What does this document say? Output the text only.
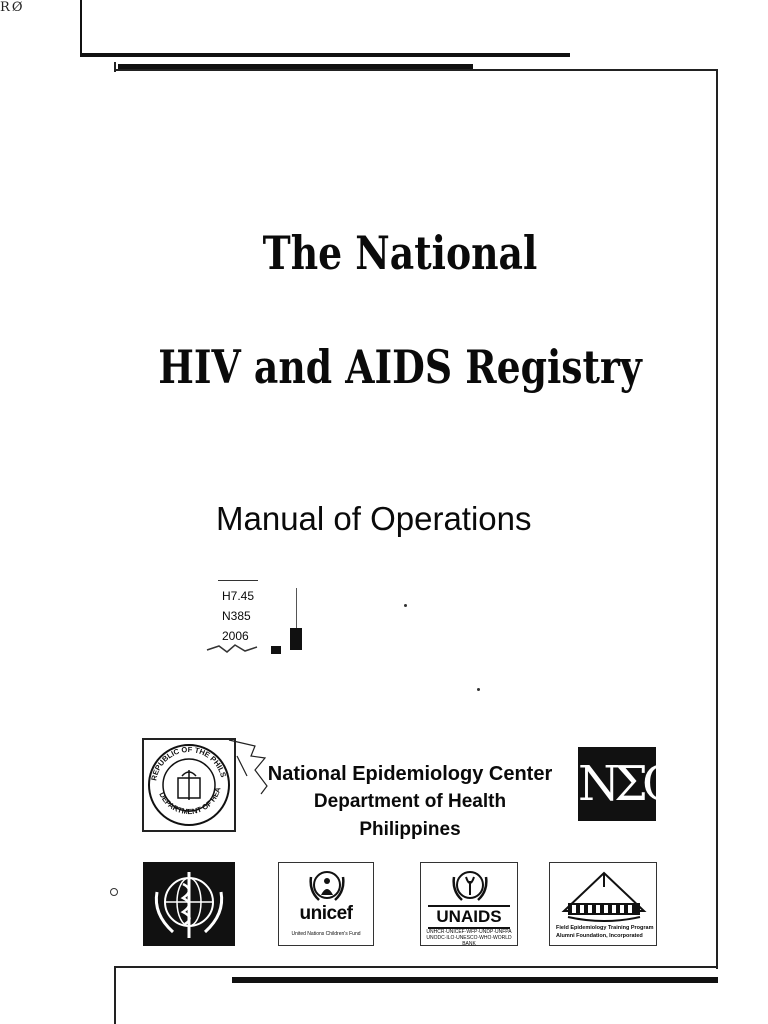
R Ø
The National
HIV and AIDS Registry
Manual of Operations
H7.45
N385
2006
REPUBLIC OF THE PHILS
DEPARTMENT OF HEA
National Epidemiology Center
Department of Health
Philippines
NΣC
unicef
United Nations Children's Fund
UNAIDS
UNHCR·UNICEF·WFP·UNDP·UNFPA UNODC·ILO·UNESCO·WHO·WORLD BANK
Field Epidemiology Training Program
Alumni Foundation, Incorporated
